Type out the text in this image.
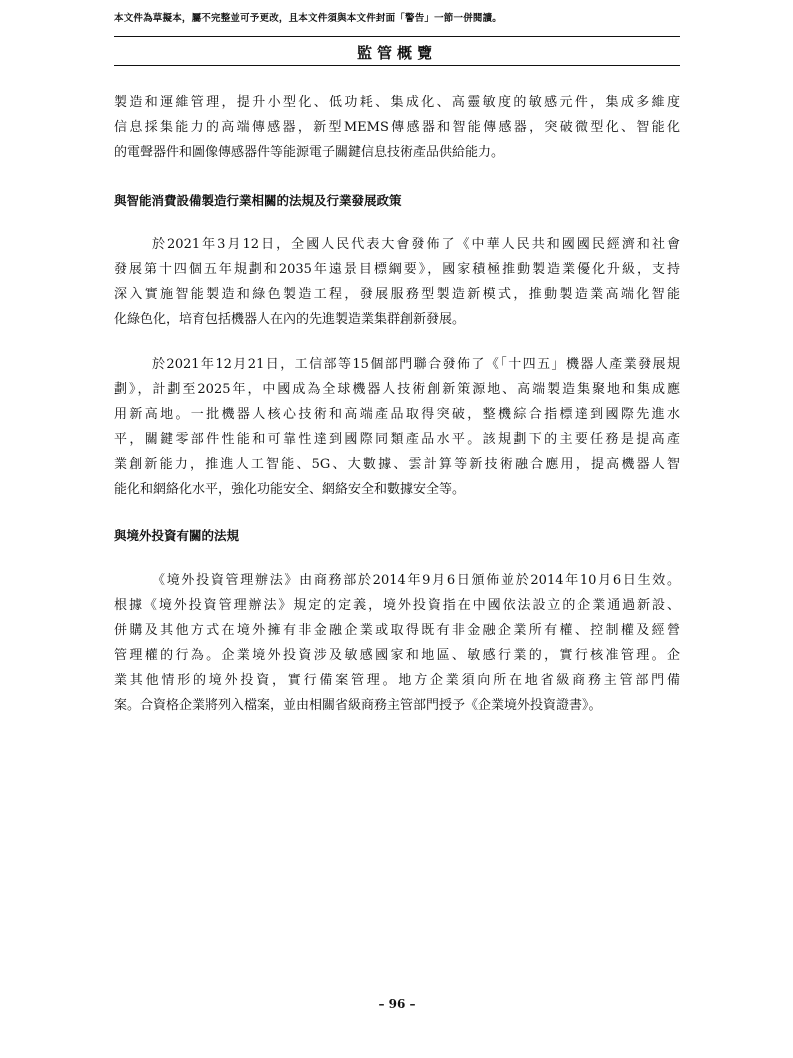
本文件為草擬本，屬不完整並可予更改，且本文件須與本文件封面「警告」一節一併閱讀。
監管概覽

製造和運維管理，提升小型化、低功耗、集成化、高靈敏度的敏感元件，集成多維度
信息採集能力的高端傳感器，新型MEMS傳感器和智能傳感器，突破微型化、智能化
的電聲器件和圖像傳感器件等能源電子關鍵信息技術產品供給能力。

與智能消費設備製造行業相關的法規及行業發展政策

於2021年3月12日，全國人民代表大會發佈了《中華人民共和國國民經濟和社會
發展第十四個五年規劃和2035年遠景目標綱要》，國家積極推動製造業優化升級，支持
深入實施智能製造和綠色製造工程，發展服務型製造新模式，推動製造業高端化智能
化綠色化，培育包括機器人在內的先進製造業集群創新發展。

於2021年12月21日，工信部等15個部門聯合發佈了《「十四五」機器人產業發展規
劃》，計劃至2025年，中國成為全球機器人技術創新策源地、高端製造集聚地和集成應
用新高地。一批機器人核心技術和高端產品取得突破，整機綜合指標達到國際先進水
平，關鍵零部件性能和可靠性達到國際同類產品水平。該規劃下的主要任務是提高產
業創新能力，推進人工智能、5G、大數據、雲計算等新技術融合應用，提高機器人智
能化和網絡化水平，強化功能安全、網絡安全和數據安全等。

與境外投資有關的法規

《境外投資管理辦法》由商務部於2014年9月6日頒佈並於2014年10月6日生效。
根據《境外投資管理辦法》規定的定義，境外投資指在中國依法設立的企業通過新設、
併購及其他方式在境外擁有非金融企業或取得既有非金融企業所有權、控制權及經營
管理權的行為。企業境外投資涉及敏感國家和地區、敏感行業的，實行核准管理。企
業其他情形的境外投資，實行備案管理。地方企業須向所在地省級商務主管部門備
案。合資格企業將列入檔案，並由相關省級商務主管部門授予《企業境外投資證書》。

– 96 –
